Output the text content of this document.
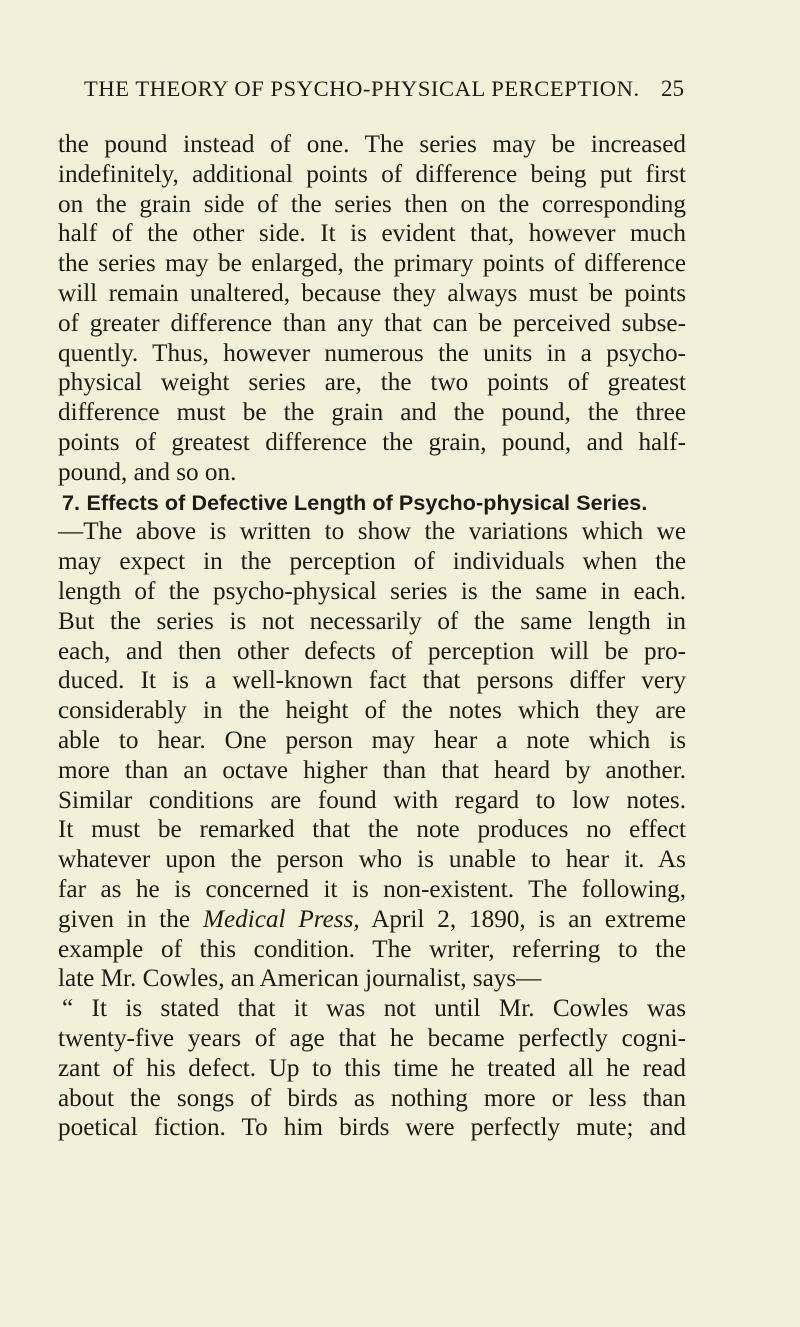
THE THEORY OF PSYCHO-PHYSICAL PERCEPTION. 25
the pound instead of one. The series may be increased
indefinitely, additional points of difference being put first
on the grain side of the series then on the corresponding
half of the other side. It is evident that, however much
the series may be enlarged, the primary points of difference
will remain unaltered, because they always must be points
of greater difference than any that can be perceived subse-
quently. Thus, however numerous the units in a psycho-
physical weight series are, the two points of greatest
difference must be the grain and the pound, the three
points of greatest difference the grain, pound, and half-
pound, and so on.
7. Effects of Defective Length of Psycho-physical Series.
—The above is written to show the variations which we
may expect in the perception of individuals when the
length of the psycho-physical series is the same in each.
But the series is not necessarily of the same length in
each, and then other defects of perception will be pro-
duced. It is a well-known fact that persons differ very
considerably in the height of the notes which they are
able to hear. One person may hear a note which is
more than an octave higher than that heard by another.
Similar conditions are found with regard to low notes.
It must be remarked that the note produces no effect
whatever upon the person who is unable to hear it. As
far as he is concerned it is non-existent. The following,
given in the Medical Press, April 2, 1890, is an extreme
example of this condition. The writer, referring to the
late Mr. Cowles, an American journalist, says—
“ It is stated that it was not until Mr. Cowles was
twenty-five years of age that he became perfectly cogni-
zant of his defect. Up to this time he treated all he read
about the songs of birds as nothing more or less than
poetical fiction. To him birds were perfectly mute; and
